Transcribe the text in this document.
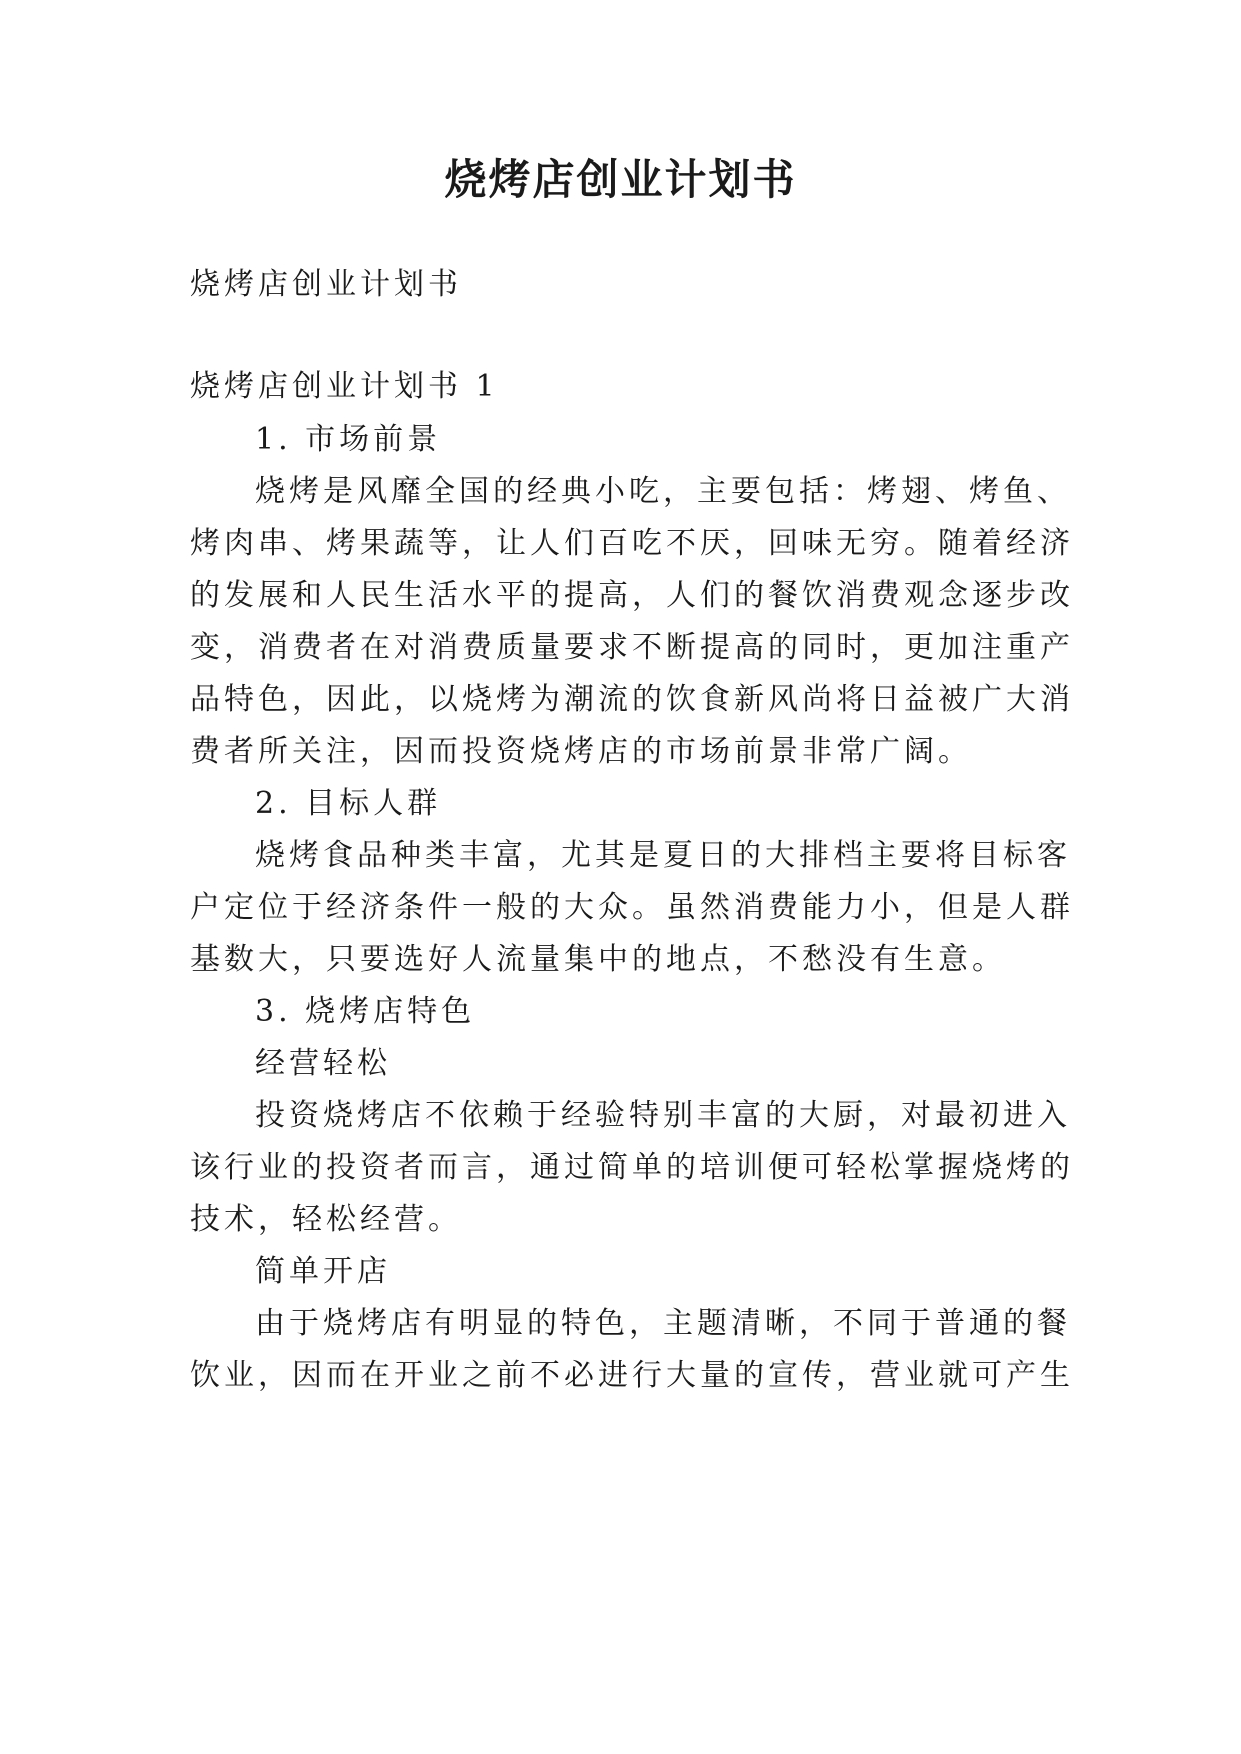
烧烤店创业计划书
烧烤店创业计划书
烧烤店创业计划书 1
1. 市场前景
烧烤是风靡全国的经典小吃，主要包括：烤翅、烤鱼、
烤肉串、烤果蔬等，让人们百吃不厌，回味无穷。随着经济
的发展和人民生活水平的提高，人们的餐饮消费观念逐步改
变，消费者在对消费质量要求不断提高的同时，更加注重产
品特色，因此，以烧烤为潮流的饮食新风尚将日益被广大消
费者所关注，因而投资烧烤店的市场前景非常广阔。
2. 目标人群
烧烤食品种类丰富，尤其是夏日的大排档主要将目标客
户定位于经济条件一般的大众。虽然消费能力小，但是人群
基数大，只要选好人流量集中的地点，不愁没有生意。
3. 烧烤店特色
经营轻松
投资烧烤店不依赖于经验特别丰富的大厨，对最初进入
该行业的投资者而言，通过简单的培训便可轻松掌握烧烤的
技术，轻松经营。
简单开店
由于烧烤店有明显的特色，主题清晰，不同于普通的餐
饮业，因而在开业之前不必进行大量的宣传，营业就可产生
